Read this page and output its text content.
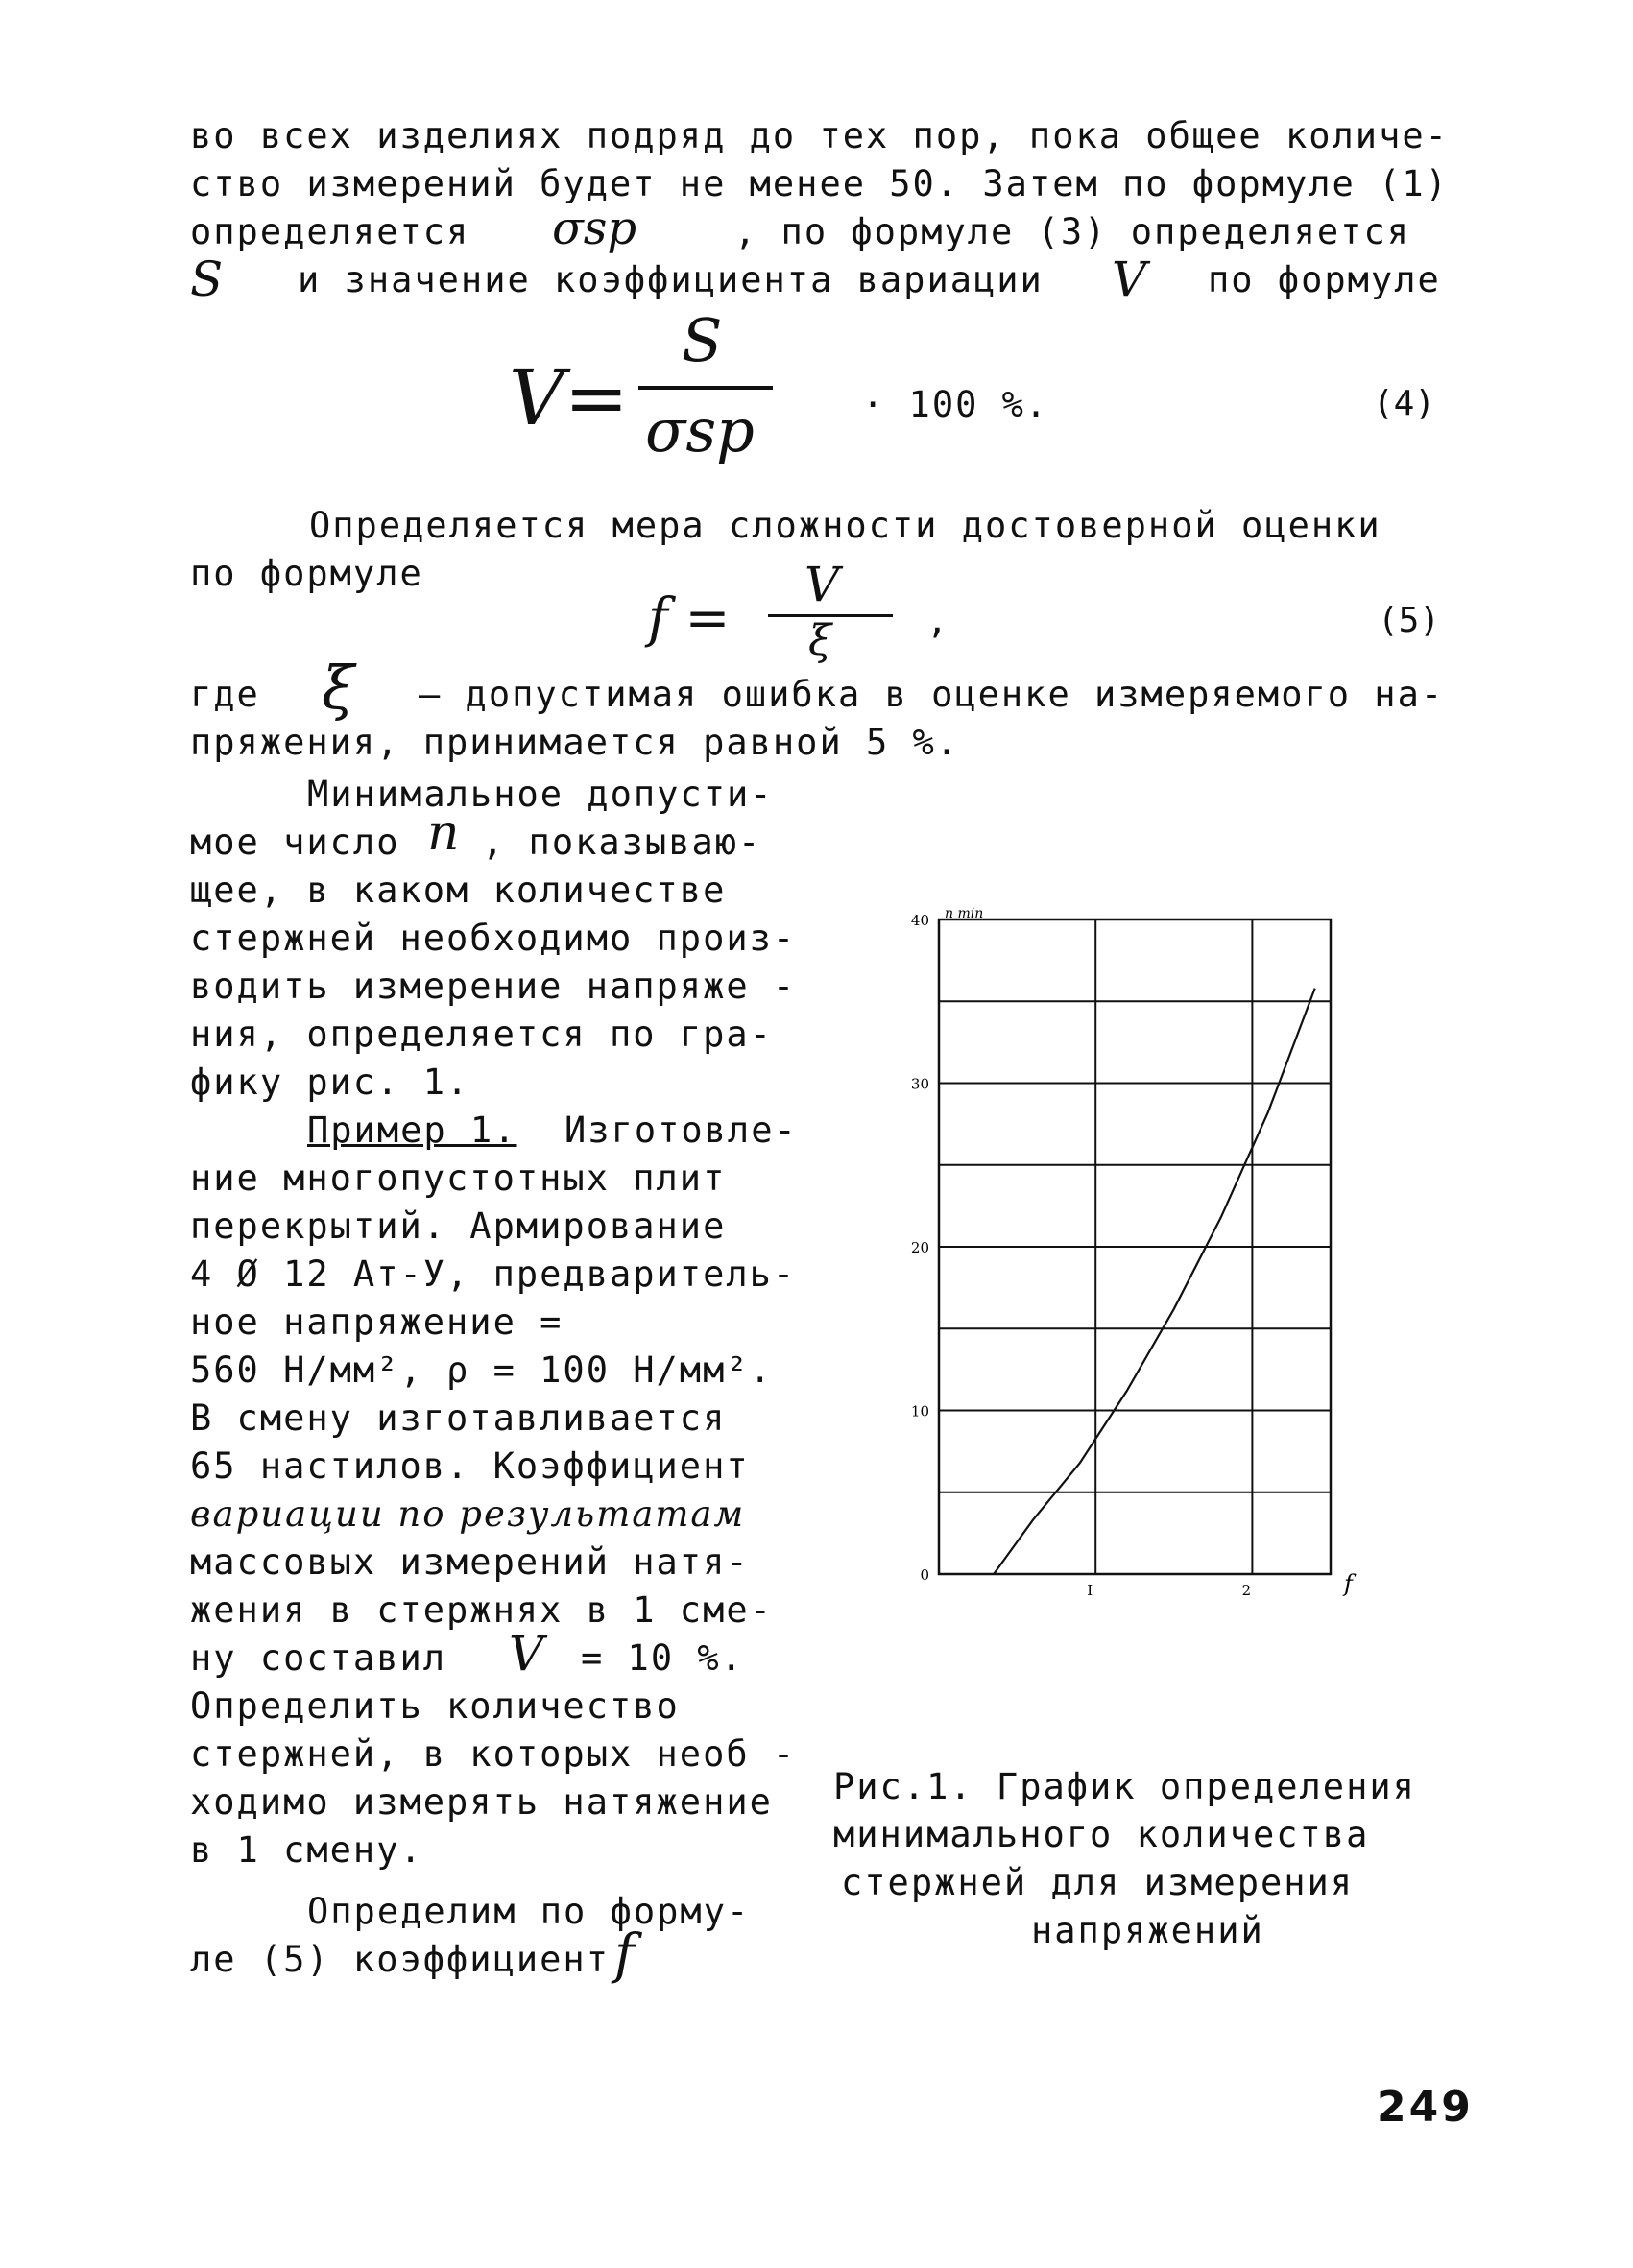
во всех изделиях подряд до тех пор, пока общее количе-
ство измерений будет не менее 50. Затем по формуле (1)
определяется σsp	, по формуле (3) определяется
S и значение коэффициента вариации V по формуле
V=
S
σsp	· 100 %.	(4)
Определяется мера сложности достоверной оценки
по формуле
f =
V
ξ	,	(5)
где ξ – допустимая ошибка в оценке измеряемого на-
пряжения, принимается равной 5 %.
Минимальное допусти-
мое число n , показываю-
щее, в каком количестве
стержней необходимо произ-
водить измерение напряже -
ния, определяется по гра-
фику рис. 1.
Пример 1. Изготовле-
ние многопустотных плит
перекрытий. Армирование
4 Ø 12 Ат-У, предваритель-
ное напряжение =
560 Н/мм², ρ = 100 Н/мм².
В смену изготавливается
65 настилов. Коэффициент
вариации по результатам
массовых измерений натя-
жения в стержнях в 1 сме-
ну составил V = 10 %.
Определить количество
стержней, в которых необ -
ходимо измерять натяжение
в 1 смену.
Определим по форму-
ле (5) коэффициент f
0
10
20
30
40
I	2
n min
f
Рис.1. График определения
минимального количества
стержней для измерения
напряжений
249
